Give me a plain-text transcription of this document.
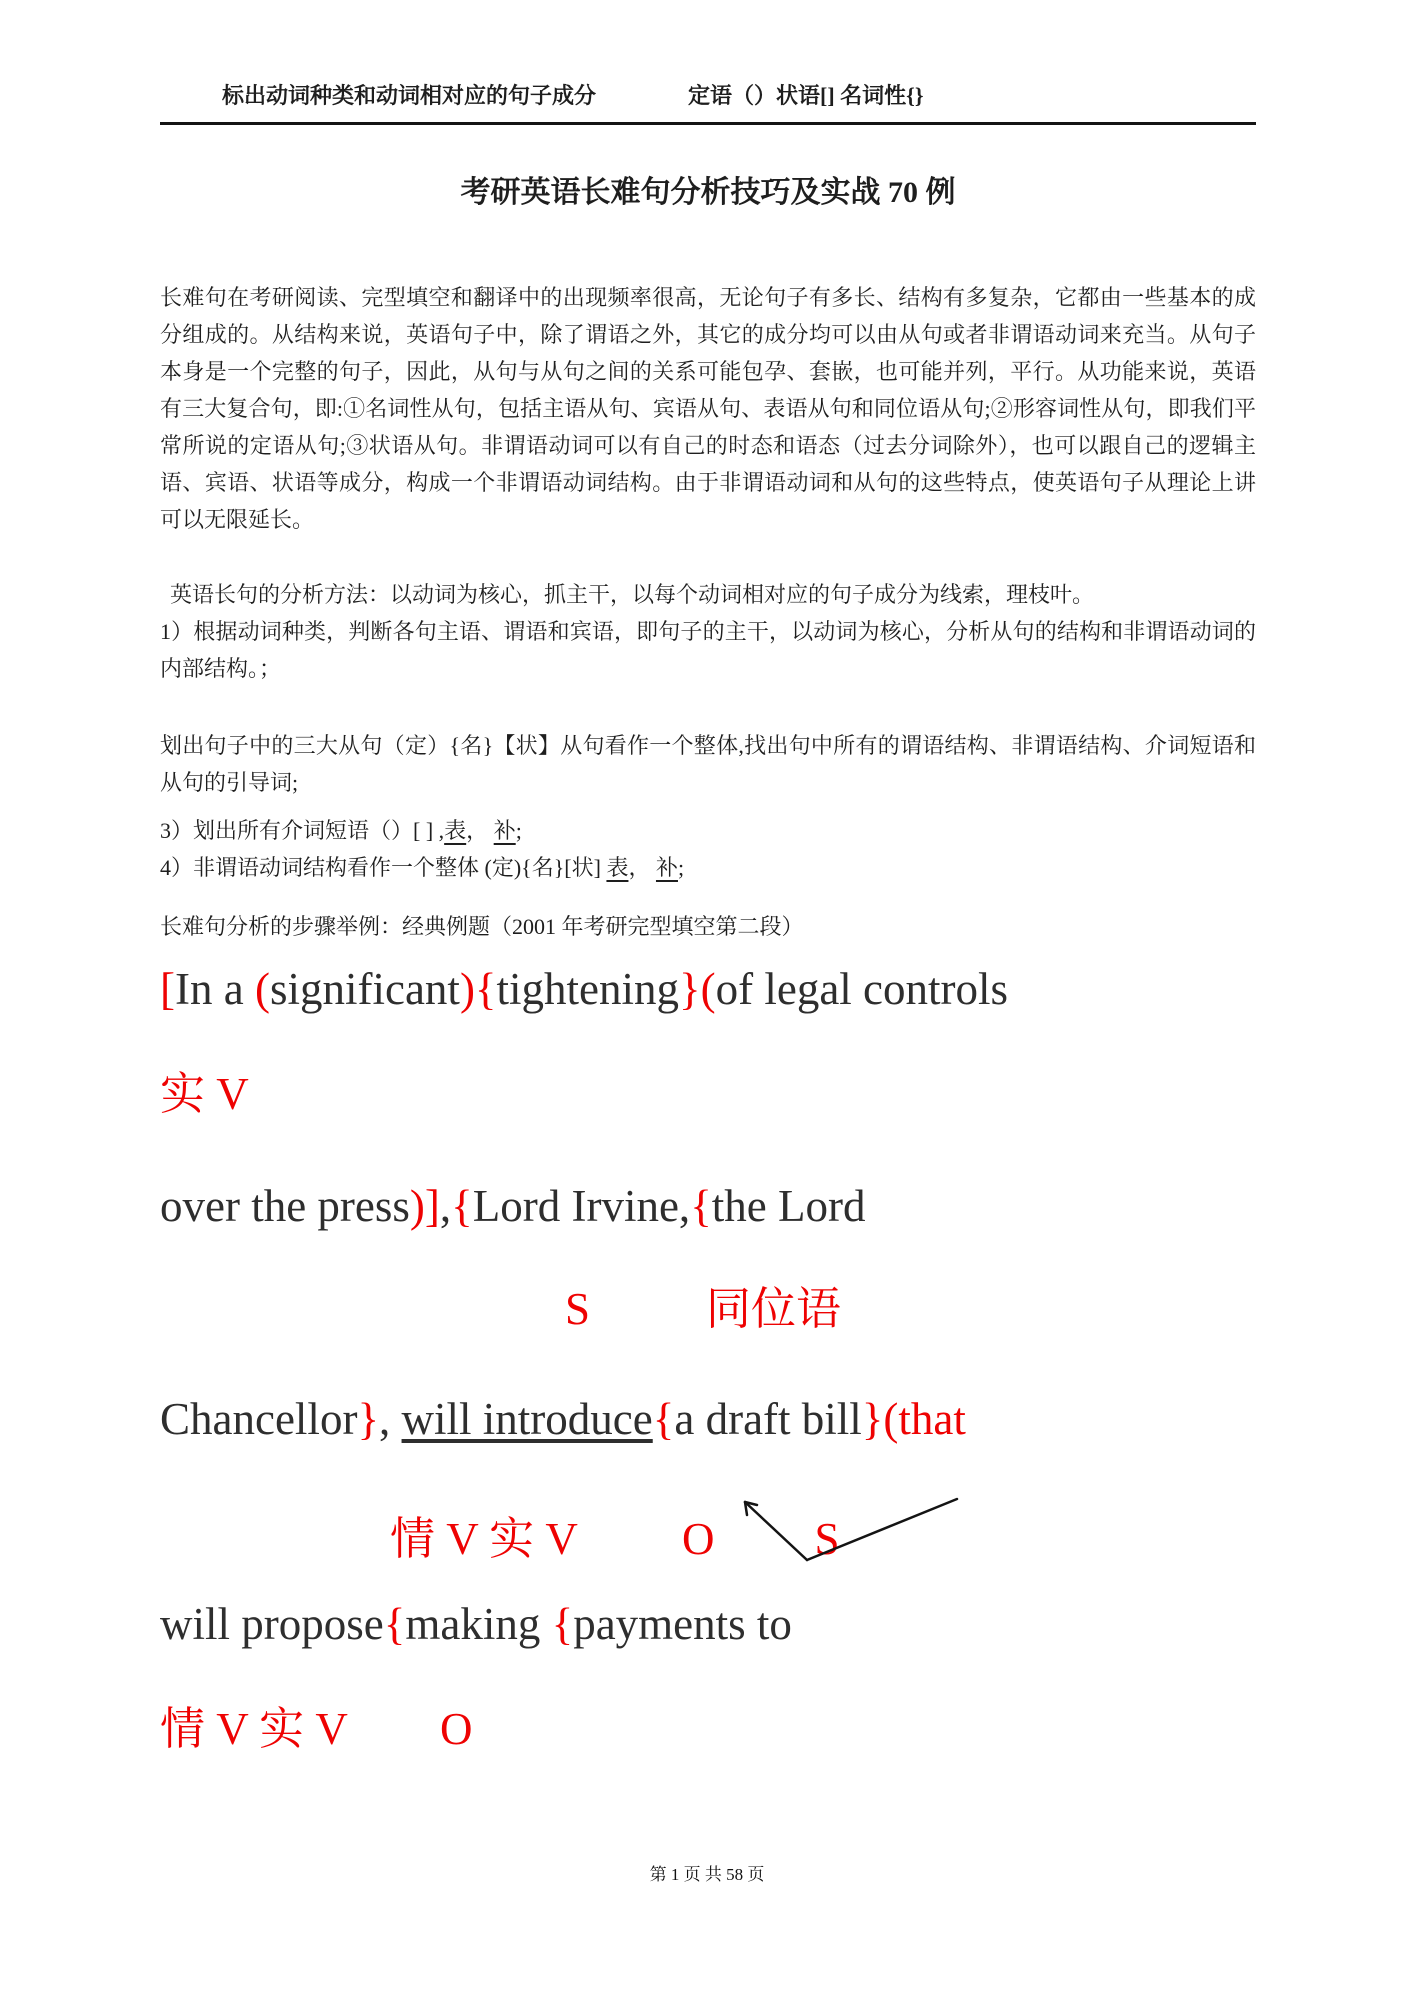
标出动词种类和动词相对应的句子成分	定语（）状语[] 名词性{}
考研英语长难句分析技巧及实战 70 例

长难句在考研阅读、完型填空和翻译中的出现频率很高，无论句子有多长、结构有多复杂，它都由一些基本的成分组成的。从结构来说，英语句子中，除了谓语之外，其它的成分均可以由从句或者非谓语动词来充当。从句子本身是一个完整的句子，因此，从句与从句之间的关系可能包孕、套嵌，也可能并列，平行。从功能来说，英语有三大复合句，即:①名词性从句，包括主语从句、宾语从句、表语从句和同位语从句;②形容词性从句，即我们平常所说的定语从句;③状语从句。非谓语动词可以有自己的时态和语态（过去分词除外），也可以跟自己的逻辑主语、宾语、状语等成分，构成一个非谓语动词结构。由于非谓语动词和从句的这些特点，使英语句子从理论上讲可以无限延长。

英语长句的分析方法：以动词为核心，抓主干，以每个动词相对应的句子成分为线索，理枝叶。

1）根据动词种类，判断各句主语、谓语和宾语，即句子的主干，以动词为核心，分析从句的结构和非谓语动词的内部结构。；

划出句子中的三大从句（定）{名}【状】从句看作一个整体,找出句中所有的谓语结构、非谓语结构、介词短语和从句的引导词;

3）划出所有介词短语（）[ ] ,表， 补;

4）非谓语动词结构看作一个整体 (定){名}[状] 表， 补;

长难句分析的步骤举例：经典例题（2001 年考研完型填空第二段）

[In a (significant){tightening}(of legal controls

实 V

over the press)],{Lord Irvine,{the Lord

S	同位语

Chancellor}, will introduce{a draft bill}(that

情 V 实 V O S

will propose{making {payments to

情 V 实 V O

第 1 页 共 58 页
